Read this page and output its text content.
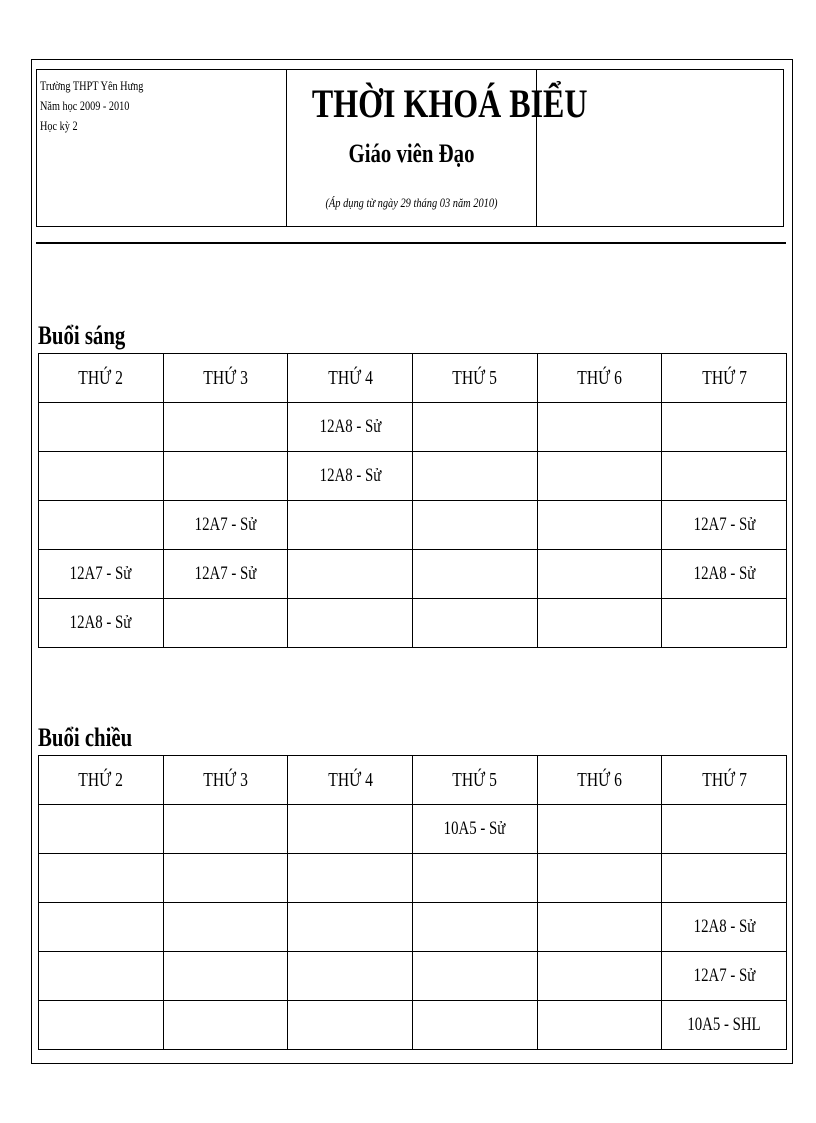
Trường THPT Yên Hưng
Năm học 2009 - 2010
Học kỳ 2	THỜI KHOÁ BIỂU
Giáo viên Đạo
(Áp dụng từ ngày 29 tháng 03 năm 2010)
Buổi sáng
THỨ 2	THỨ 3	THỨ 4	THỨ 5	THỨ 6	THỨ 7
		12A8 - Sử			
		12A8 - Sử			
	12A7 - Sử				12A7 - Sử
12A7 - Sử	12A7 - Sử				12A8 - Sử
12A8 - Sử					
Buổi chiều
THỨ 2	THỨ 3	THỨ 4	THỨ 5	THỨ 6	THỨ 7
			10A5 - Sử		

					12A8 - Sử
					12A7 - Sử
					10A5 - SHL
